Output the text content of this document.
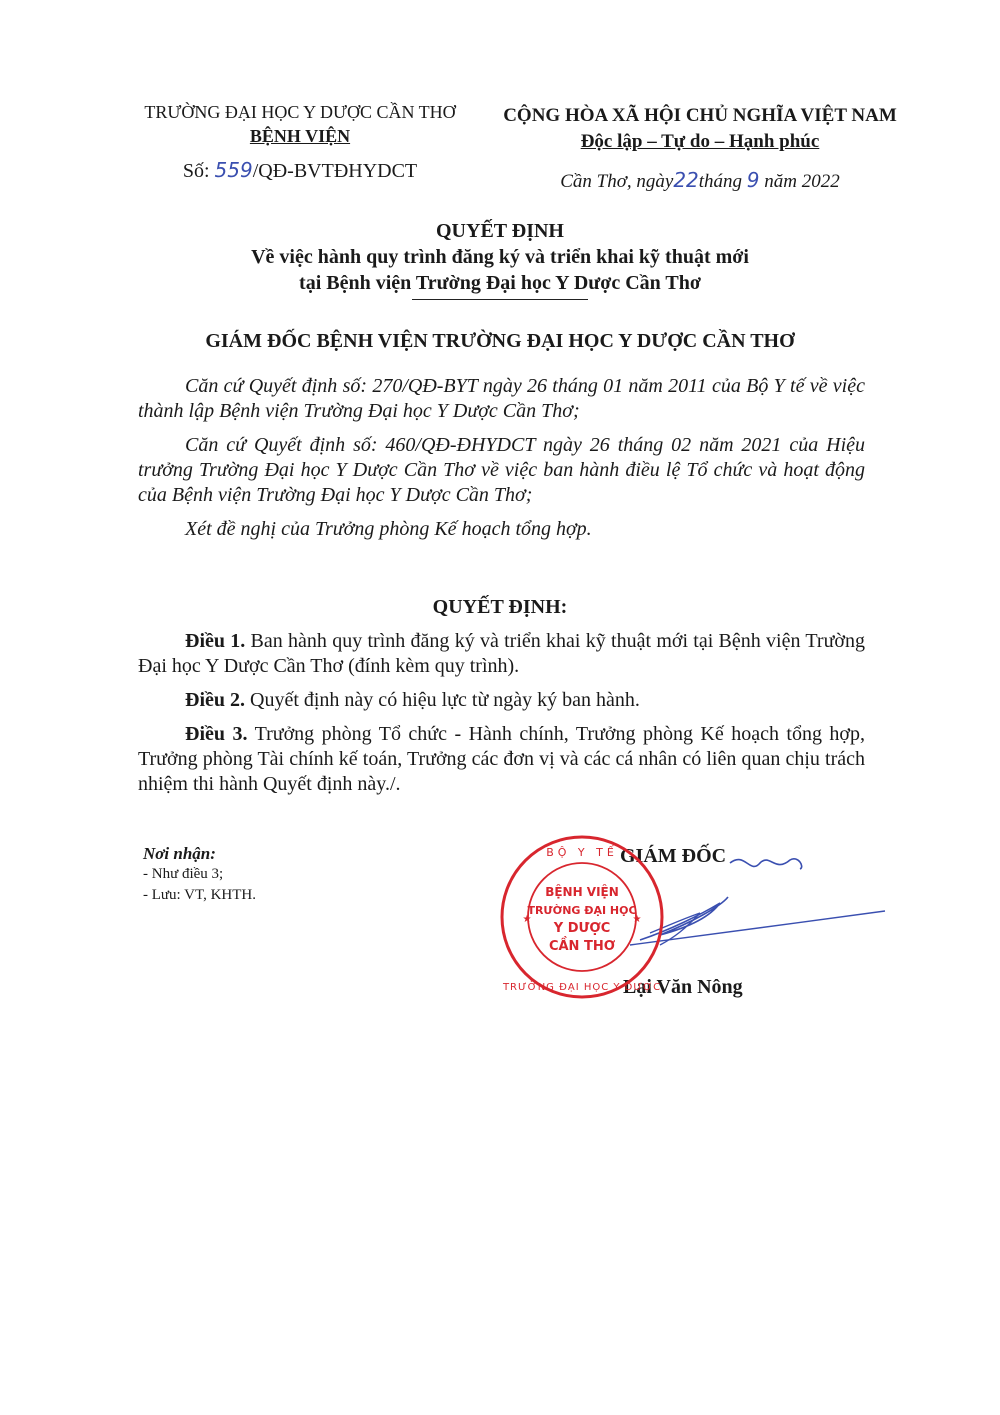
TRƯỜNG ĐẠI HỌC Y DƯỢC CẦN THƠ
BỆNH VIỆN
Số: 559/QĐ-BVTĐHYDCT
CỘNG HÒA XÃ HỘI CHỦ NGHĨA VIỆT NAM
Độc lập – Tự do – Hạnh phúc
Cần Thơ, ngày22tháng 9 năm 2022
QUYẾT ĐỊNH
Về việc hành quy trình đăng ký và triển khai kỹ thuật mới
tại Bệnh viện Trường Đại học Y Dược Cần Thơ
GIÁM ĐỐC BỆNH VIỆN TRƯỜNG ĐẠI HỌC Y DƯỢC CẦN THƠ

Căn cứ Quyết định số: 270/QĐ-BYT ngày 26 tháng 01 năm 2011 của Bộ Y tế về việc thành lập Bệnh viện Trường Đại học Y Dược Cần Thơ;

Căn cứ Quyết định số: 460/QĐ-ĐHYDCT ngày 26 tháng 02 năm 2021 của Hiệu trưởng Trường Đại học Y Dược Cần Thơ về việc ban hành điều lệ Tổ chức và hoạt động của Bệnh viện Trường Đại học Y Dược Cần Thơ;

Xét đề nghị của Trưởng phòng Kế hoạch tổng hợp.

QUYẾT ĐỊNH:

Điều 1. Ban hành quy trình đăng ký và triển khai kỹ thuật mới tại Bệnh viện Trường Đại học Y Dược Cần Thơ (đính kèm quy trình).

Điều 2. Quyết định này có hiệu lực từ ngày ký ban hành.

Điều 3. Trưởng phòng Tổ chức - Hành chính, Trưởng phòng Kế hoạch tổng hợp, Trưởng phòng Tài chính kế toán, Trưởng các đơn vị và các cá nhân có liên quan chịu trách nhiệm thi hành Quyết định này./.

Nơi nhận:
- Như điều 3;
- Lưu: VT, KHTH.
GIÁM ĐỐC
Lại Văn Nông
BỘ Y TẾ
TRƯỜNG ĐẠI HỌC Y DƯỢC
BỆNH VIỆN
TRƯỜNG ĐẠI HỌC
Y DƯỢC
CẦN THƠ
★	★
